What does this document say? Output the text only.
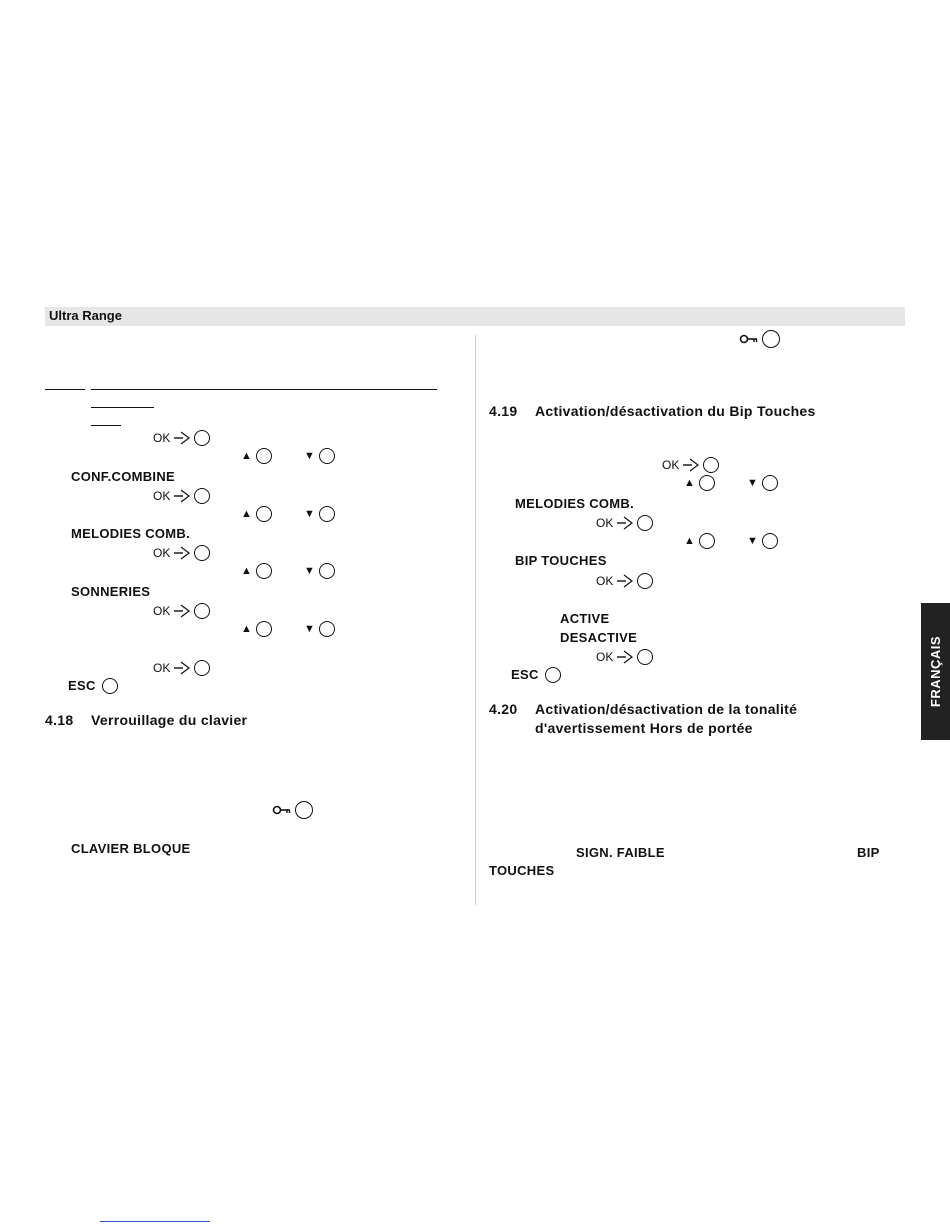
Ultra Range
OK
▲	▼
CONF.COMBINE
OK
▲	▼
MELODIES COMB.
OK
▲	▼
SONNERIES
OK
▲	▼
OK
ESC
4.18 Verrouillage du clavier
CLAVIER BLOQUE
4.19 Activation/désactivation du Bip Touches
OK
▲	▼
MELODIES COMB.
OK
▲	▼
BIP TOUCHES
OK
ACTIVE
DESACTIVE
OK
ESC
4.20 Activation/désactivation de la tonalité
d'avertissement Hors de portée
SIGN. FAIBLE	BIP
TOUCHES
FRANÇAIS
